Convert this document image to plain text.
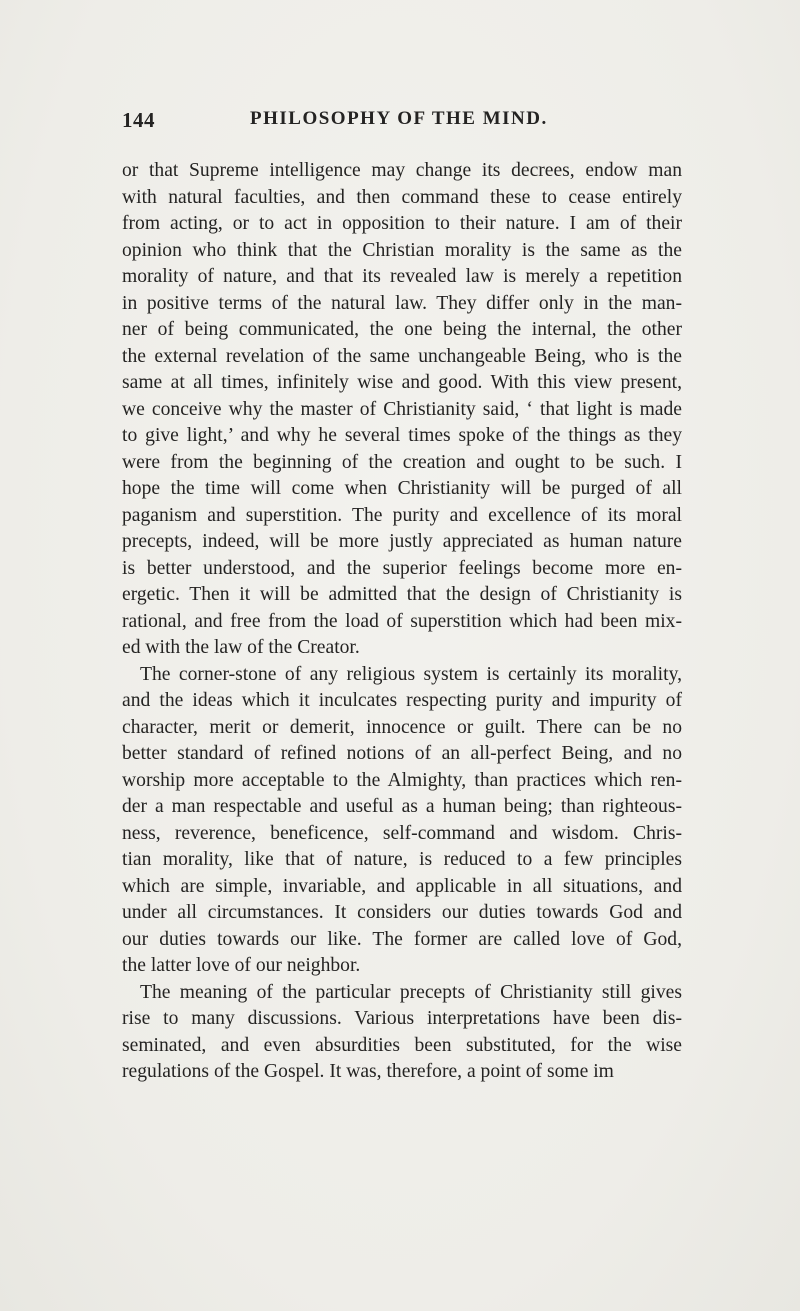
144	PHILOSOPHY OF THE MIND.
or that Supreme intelligence may change its decrees, endow man
with natural faculties, and then command these to cease entirely
from acting, or to act in opposition to their nature. I am of their
opinion who think that the Christian morality is the same as the
morality of nature, and that its revealed law is merely a repetition
in positive terms of the natural law. They differ only in the man-
ner of being communicated, the one being the internal, the other
the external revelation of the same unchangeable Being, who is the
same at all times, infinitely wise and good. With this view present,
we conceive why the master of Christianity said, ‘ that light is made
to give light,’ and why he several times spoke of the things as they
were from the beginning of the creation and ought to be such. I
hope the time will come when Christianity will be purged of all
paganism and superstition. The purity and excellence of its moral
precepts, indeed, will be more justly appreciated as human nature
is better understood, and the superior feelings become more en-
ergetic. Then it will be admitted that the design of Christianity is
rational, and free from the load of superstition which had been mix-
ed with the law of the Creator.
The corner-stone of any religious system is certainly its morality,
and the ideas which it inculcates respecting purity and impurity of
character, merit or demerit, innocence or guilt. There can be no
better standard of refined notions of an all-perfect Being, and no
worship more acceptable to the Almighty, than practices which ren-
der a man respectable and useful as a human being; than righteous-
ness, reverence, beneficence, self-command and wisdom. Chris-
tian morality, like that of nature, is reduced to a few principles
which are simple, invariable, and applicable in all situations, and
under all circumstances. It considers our duties towards God and
our duties towards our like. The former are called love of God,
the latter love of our neighbor.
The meaning of the particular precepts of Christianity still gives
rise to many discussions. Various interpretations have been dis-
seminated, and even absurdities been substituted, for the wise
regulations of the Gospel. It was, therefore, a point of some im
